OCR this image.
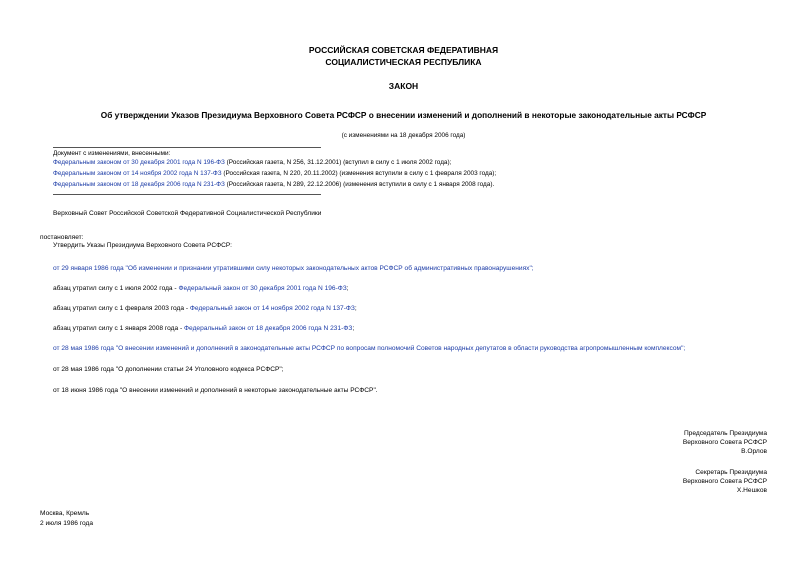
РОССИЙСКАЯ СОВЕТСКАЯ ФЕДЕРАТИВНАЯ
СОЦИАЛИСТИЧЕСКАЯ РЕСПУБЛИКА
ЗАКОН
Об утверждении Указов Президиума Верховного Совета РСФСР о внесении изменений и дополнений в некоторые законодательные акты РСФСР
(с изменениями на 18 декабря 2006 года)
Документ с изменениями, внесенными:
Федеральным законом от 30 декабря 2001 года N 196-ФЗ (Российская газета, N 256, 31.12.2001) (вступил в силу с 1 июля 2002 года);
Федеральным законом от 14 ноября 2002 года N 137-ФЗ (Российская газета, N 220, 20.11.2002) (изменения вступили в силу с 1 февраля 2003 года);
Федеральным законом от 18 декабря 2006 года N 231-ФЗ (Российская газета, N 289, 22.12.2006) (изменения вступили в силу с 1 января 2008 года).
Верховный Совет Российской Советской Федеративной Социалистической Республики
постановляет:
Утвердить Указы Президиума Верховного Совета РСФСР:
от 29 января 1986 года "Об изменении и признании утратившими силу некоторых законодательных актов РСФСР об административных правонарушениях";
абзац утратил силу с 1 июля 2002 года - Федеральный закон от 30 декабря 2001 года N 196-ФЗ;
абзац утратил силу с 1 февраля 2003 года - Федеральный закон от 14 ноября 2002 года N 137-ФЗ;
абзац утратил силу с 1 января 2008 года - Федеральный закон от 18 декабря 2006 года N 231-ФЗ;
от 28 мая 1986 года "О внесении изменений и дополнений в законодательные акты РСФСР по вопросам полномочий Советов народных депутатов в области руководства агропромышленным комплексом";
от 28 мая 1986 года "О дополнении статьи 24 Уголовного кодекса РСФСР";
от 18 июня 1986 года "О внесении изменений и дополнений в некоторые законодательные акты РСФСР".
Председатель Президиума
Верховного Совета РСФСР
В.Орлов
Секретарь Президиума
Верховного Совета РСФСР
Х.Нешков
Москва, Кремль
2 июля 1986 года
